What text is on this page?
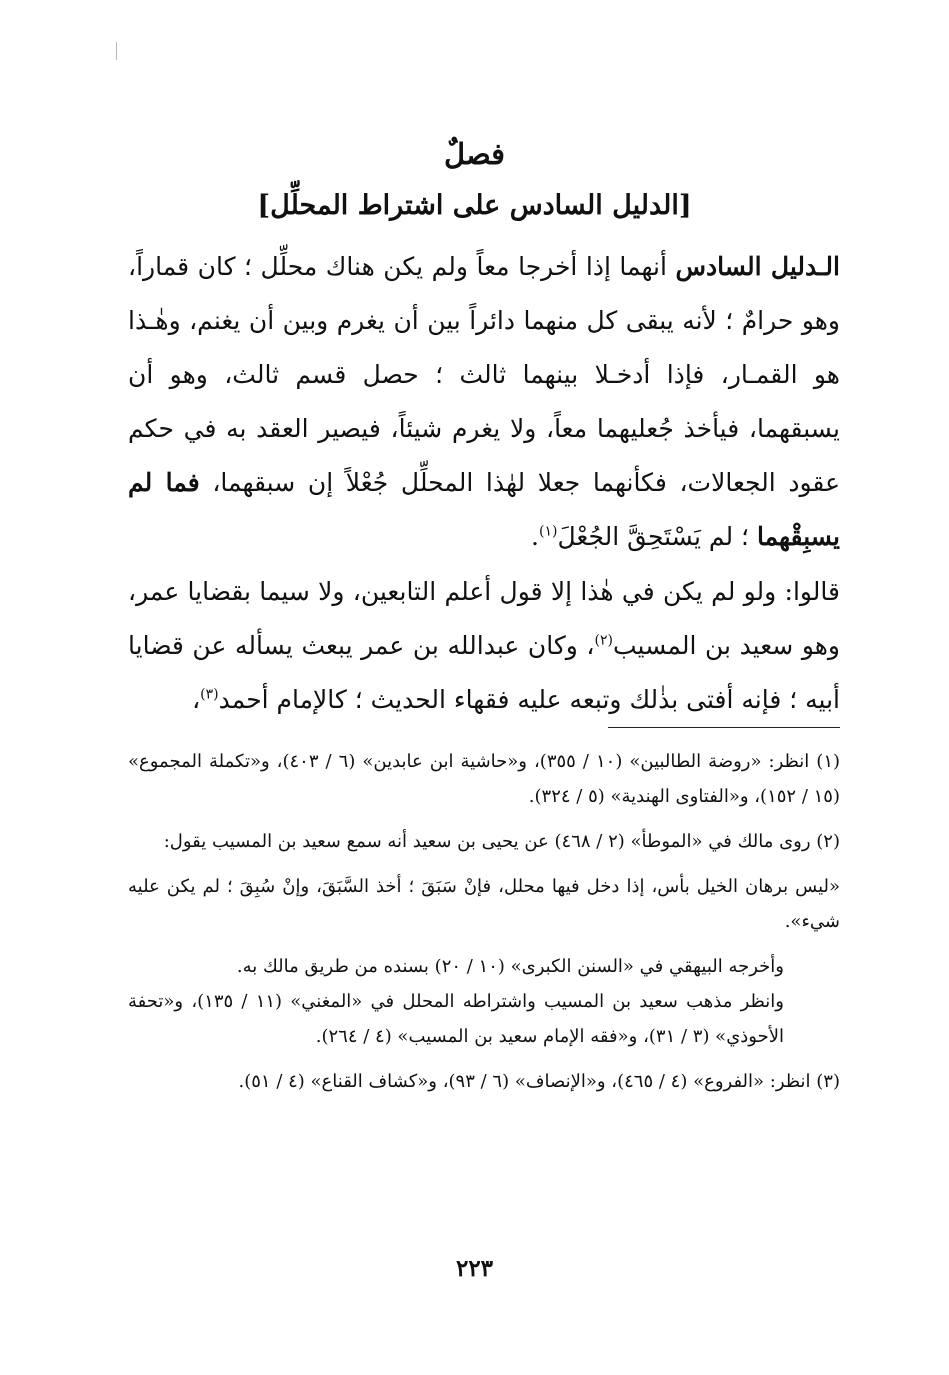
فصلٌ
[الدليل السادس على اشتراط المحلِّل]

الـدليل السادس أنهما إذا أخرجا معاً ولم يكن هناك محلِّل ؛ كان قماراً، وهو حرامٌ ؛ لأنه يبقى كل منهما دائراً بين أن يغرم وبين أن يغنم، وهٰـذا هو القمـار، فإذا أدخـلا بينهما ثالث ؛ حصل قسم ثالث، وهو أن يسبقهما، فيأخذ جُعليهما معاً، ولا يغرم شيئاً، فيصير العقد به في حكم عقود الجعالات، فكأنهما جعلا لهٰذا المحلِّل جُعْلاً إن سبقهما، فما لم يسبِقْهما ؛ لم يَسْتَحِقَّ الجُعْلَ$^{(١)}$.

قالوا: ولو لم يكن في هٰذا إلا قول أعلم التابعين، ولا سيما بقضايا عمر، وهو سعيد بن المسيب$^{(٢)}$، وكان عبدالله بن عمر يبعث يسأله عن قضايا أبيه ؛ فإنه أفتى بذٰلك وتبعه عليه فقهاء الحديث ؛ كالإمام أحمد$^{(٣)}$،

(١) انظر: «روضة الطالبين» (١٠ / ٣٥٥)، و«حاشية ابن عابدين» (٦ / ٤٠٣)، و«تكملة المجموع» (١٥ / ١٥٢)، و«الفتاوى الهندية» (٥ / ٣٢٤).

(٢) روى مالك في «الموطأ» (٢ / ٤٦٨) عن يحيى بن سعيد أنه سمع سعيد بن المسيب يقول:

«ليس برهان الخيل بأس، إذا دخل فيها محلل، فإنْ سَبَقَ ؛ أخذ السَّبَقَ، وإنْ سُبِقَ ؛ لم يكن عليه شيء».

وأخرجه البيهقي في «السنن الكبرى» (١٠ / ٢٠) بسنده من طريق مالك به.

وانظر مذهب سعيد بن المسيب واشتراطه المحلل في «المغني» (١١ / ١٣٥)، و«تحفة الأحوذي» (٣ / ٣١)، و«فقه الإمام سعيد بن المسيب» (٤ / ٢٦٤).

(٣) انظر: «الفروع» (٤ / ٤٦٥)، و«الإنصاف» (٦ / ٩٣)، و«كشاف القناع» (٤ / ٥١).

٢٢٣
